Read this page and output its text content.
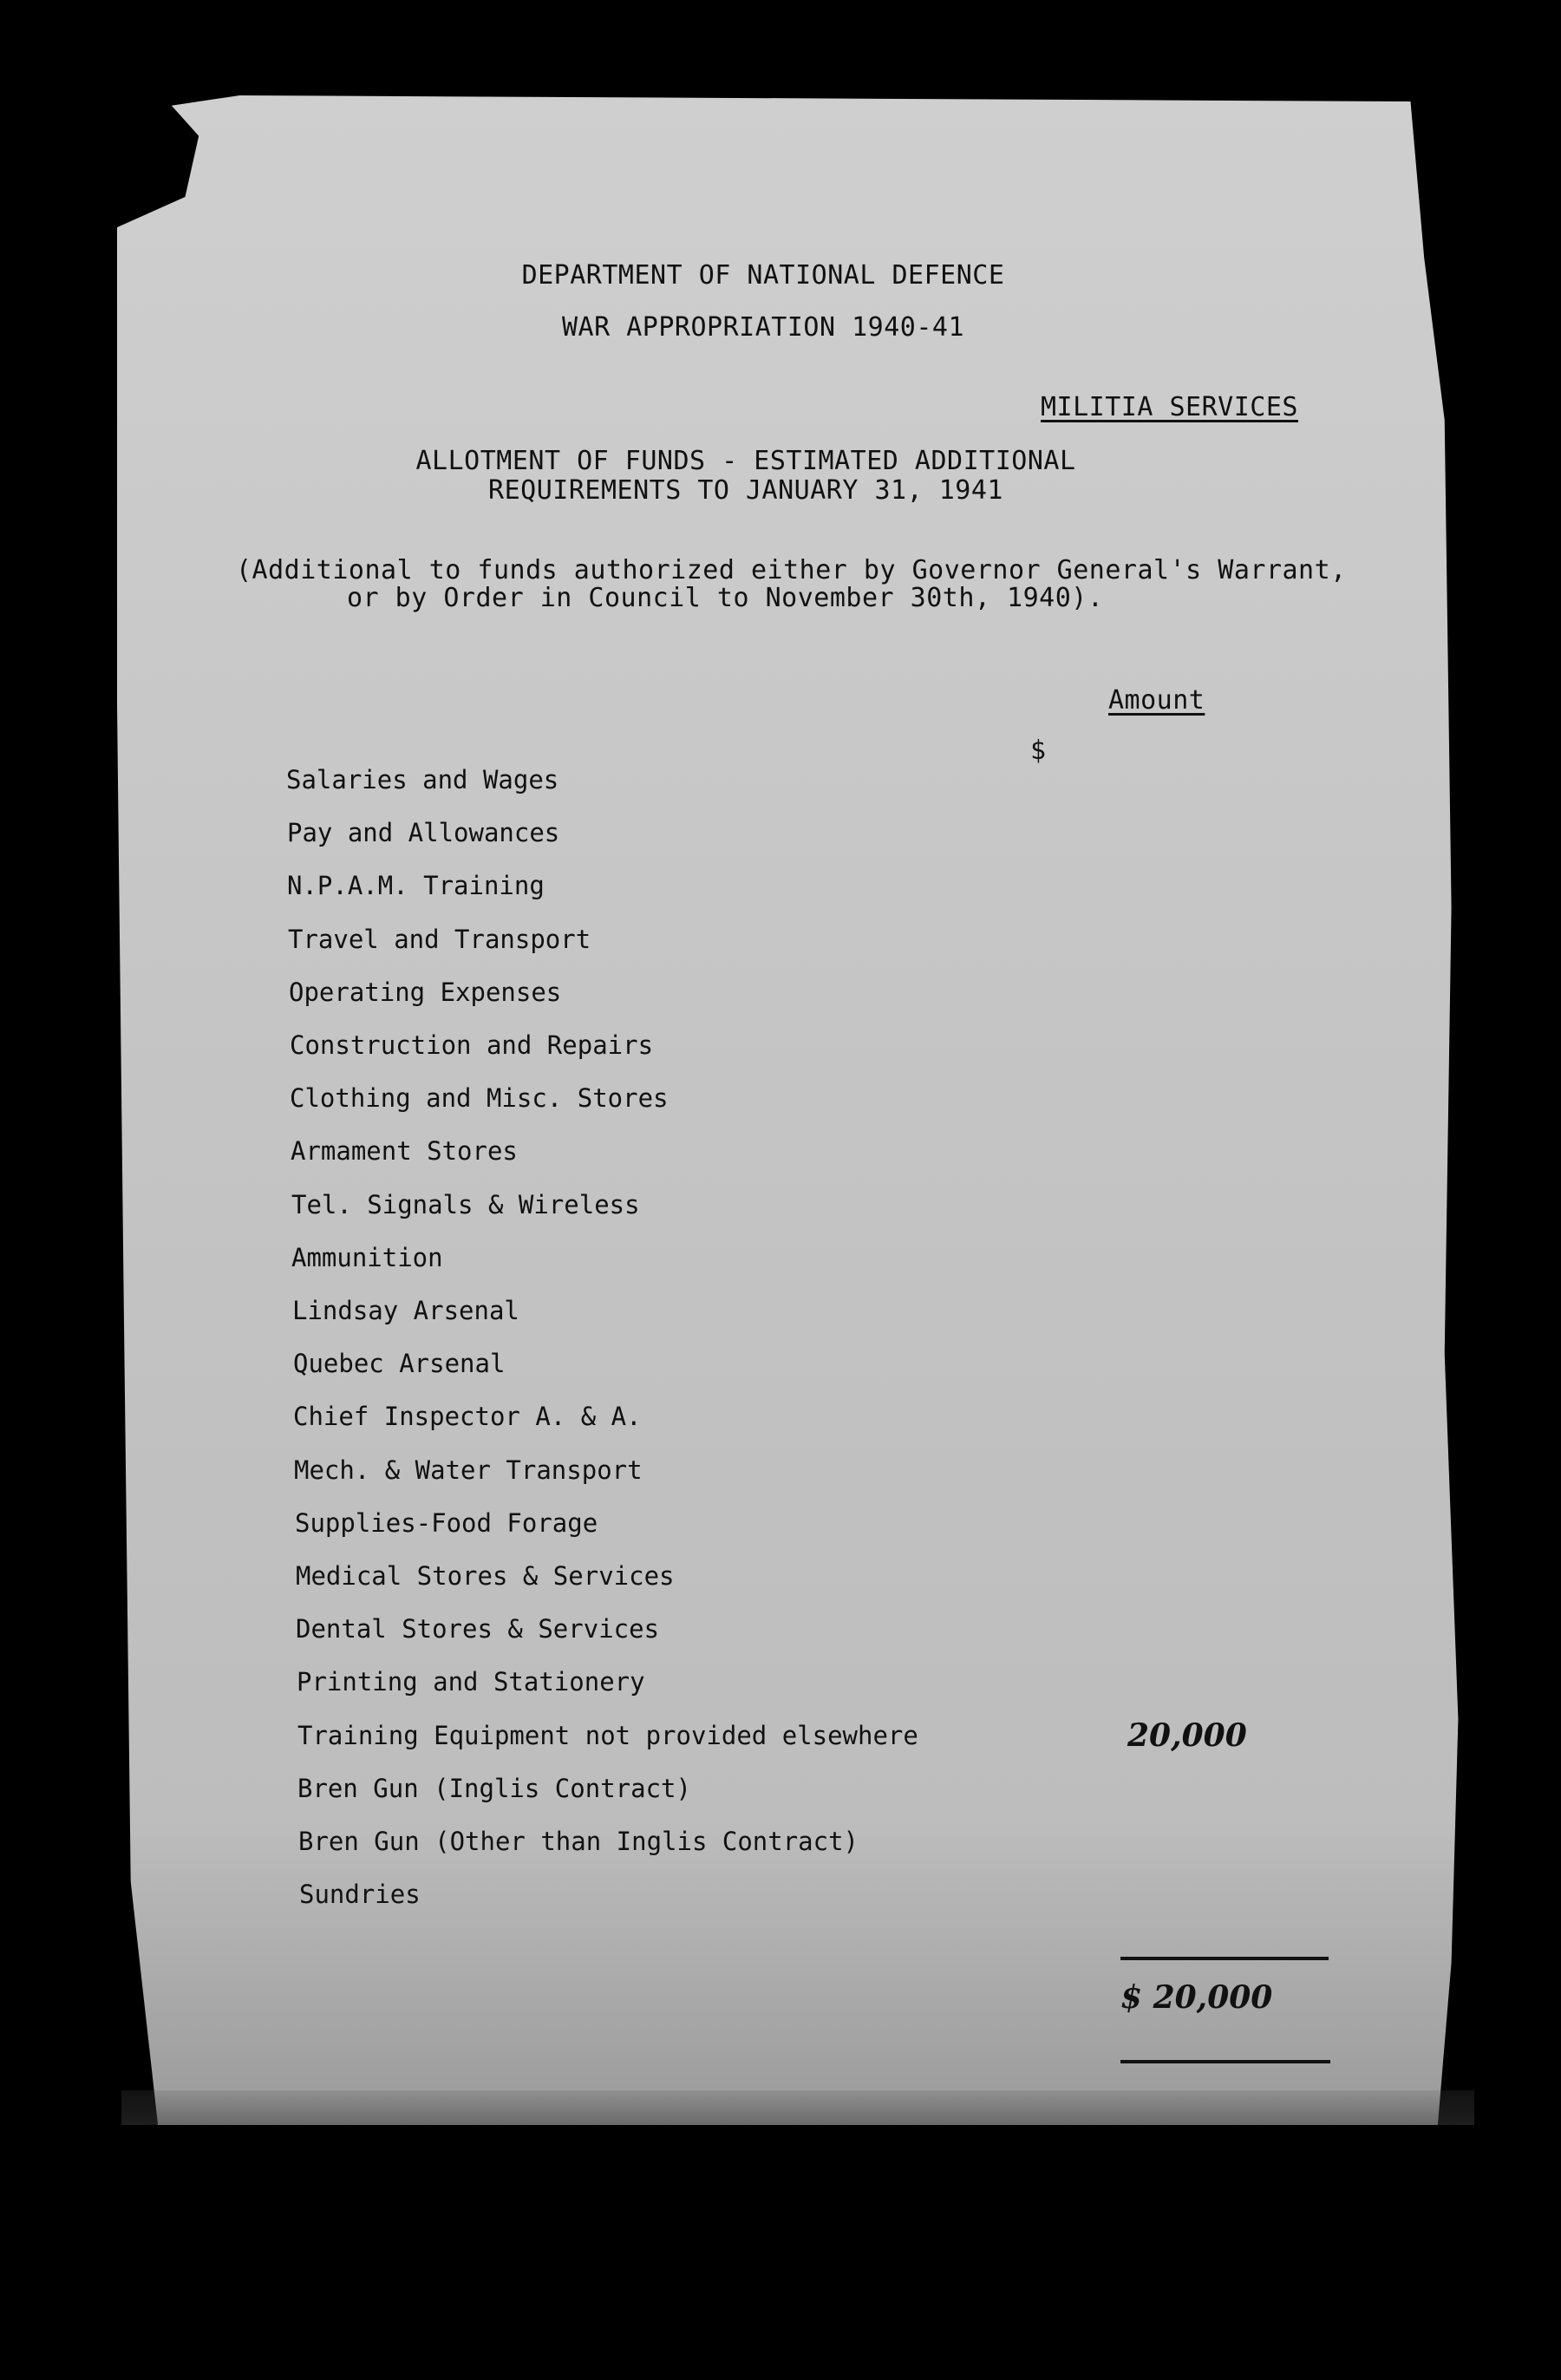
DEPARTMENT OF NATIONAL DEFENCE
WAR APPROPRIATION 1940-41
MILITIA SERVICES
ALLOTMENT OF FUNDS - ESTIMATED ADDITIONAL
REQUIREMENTS TO JANUARY 31, 1941
(Additional to funds authorized either by Governor General's Warrant,
or by Order in Council to November 30th, 1940).
Amount
$
Salaries and Wages
Pay and Allowances
N.P.A.M. Training
Travel and Transport
Operating Expenses
Construction and Repairs
Clothing and Misc. Stores
Armament Stores
Tel. Signals & Wireless
Ammunition
Lindsay Arsenal
Quebec Arsenal
Chief Inspector A. & A.
Mech. & Water Transport
Supplies-Food Forage
Medical Stores & Services
Dental Stores & Services
Printing and Stationery
Training Equipment not provided elsewhere
Bren Gun (Inglis Contract)
Bren Gun (Other than Inglis Contract)
Sundries
20,000
$ 20,000
